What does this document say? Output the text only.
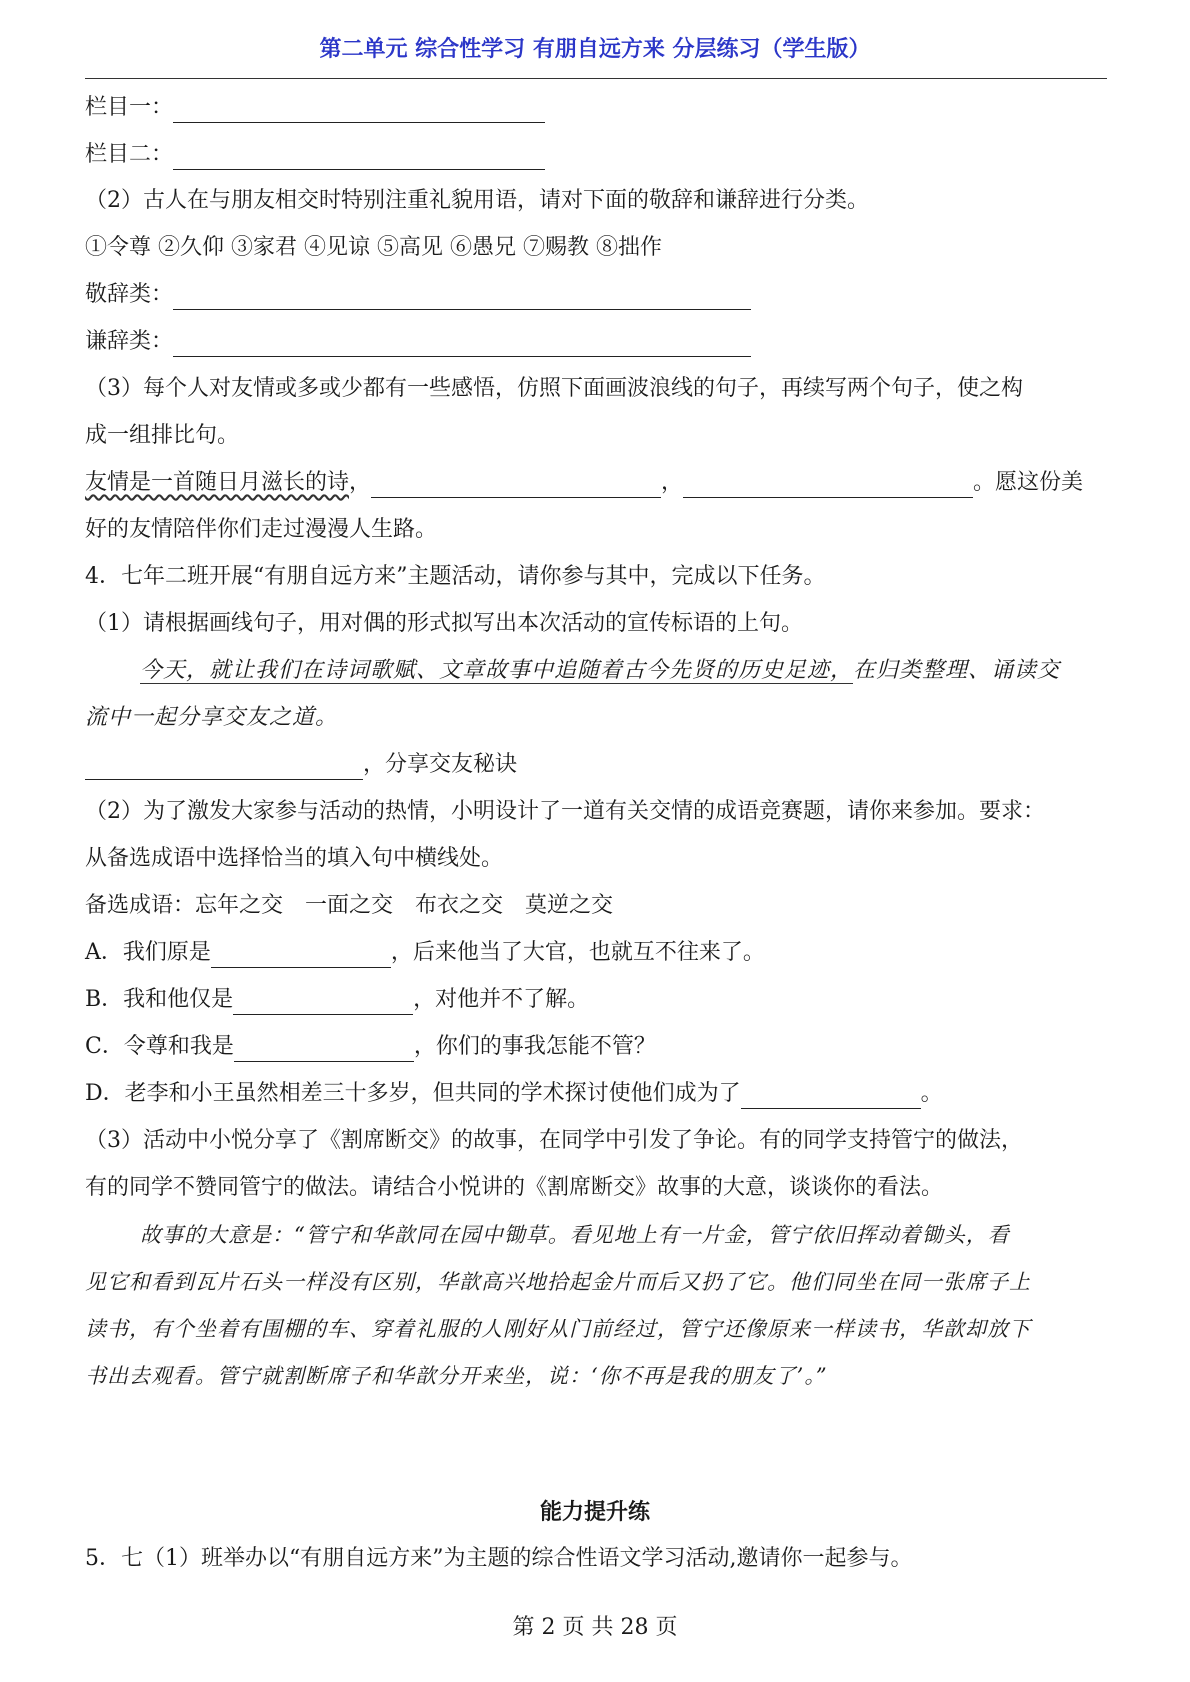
第二单元 综合性学习 有朋自远方来 分层练习（学生版）
栏目一：
栏目二：
（2）古人在与朋友相交时特别注重礼貌用语，请对下面的敬辞和谦辞进行分类。
①令尊 ②久仰 ③家君 ④见谅 ⑤高见 ⑥愚兄 ⑦赐教 ⑧拙作
敬辞类：
谦辞类：
（3）每个人对友情或多或少都有一些感悟，仿照下面画波浪线的句子，再续写两个句子，使之构
成一组排比句。
友情是一首随日月滋长的诗，	，	。愿这份美
好的友情陪伴你们走过漫漫人生路。
4．七年二班开展“有朋自远方来”主题活动，请你参与其中，完成以下任务。
（1）请根据画线句子，用对偶的形式拟写出本次活动的宣传标语的上句。
今天，就让我们在诗词歌赋、文章故事中追随着古今先贤的历史足迹，在归类整理、诵读交
流中一起分享交友之道。
，分享交友秘诀
（2）为了激发大家参与活动的热情，小明设计了一道有关交情的成语竞赛题，请你来参加。要求：
从备选成语中选择恰当的填入句中横线处。
备选成语：忘年之交　一面之交　布衣之交　莫逆之交
A．我们原是	，后来他当了大官，也就互不往来了。
B．我和他仅是	，对他并不了解。
C．令尊和我是	，你们的事我怎能不管？
D．老李和小王虽然相差三十多岁，但共同的学术探讨使他们成为了	。
（3）活动中小悦分享了《割席断交》的故事，在同学中引发了争论。有的同学支持管宁的做法，
有的同学不赞同管宁的做法。请结合小悦讲的《割席断交》故事的大意，谈谈你的看法。
故事的大意是：“管宁和华歆同在园中锄草。看见地上有一片金，管宁依旧挥动着锄头，看
见它和看到瓦片石头一样没有区别，华歆高兴地拾起金片而后又扔了它。他们同坐在同一张席子上
读书，有个坐着有围棚的车、穿着礼服的人刚好从门前经过，管宁还像原来一样读书，华歆却放下
书出去观看。管宁就割断席子和华歆分开来坐，说：‘你不再是我的朋友了’。”
能力提升练
5．七（1）班举办以“有朋自远方来”为主题的综合性语文学习活动,邀请你一起参与。
第 2 页 共 28 页
